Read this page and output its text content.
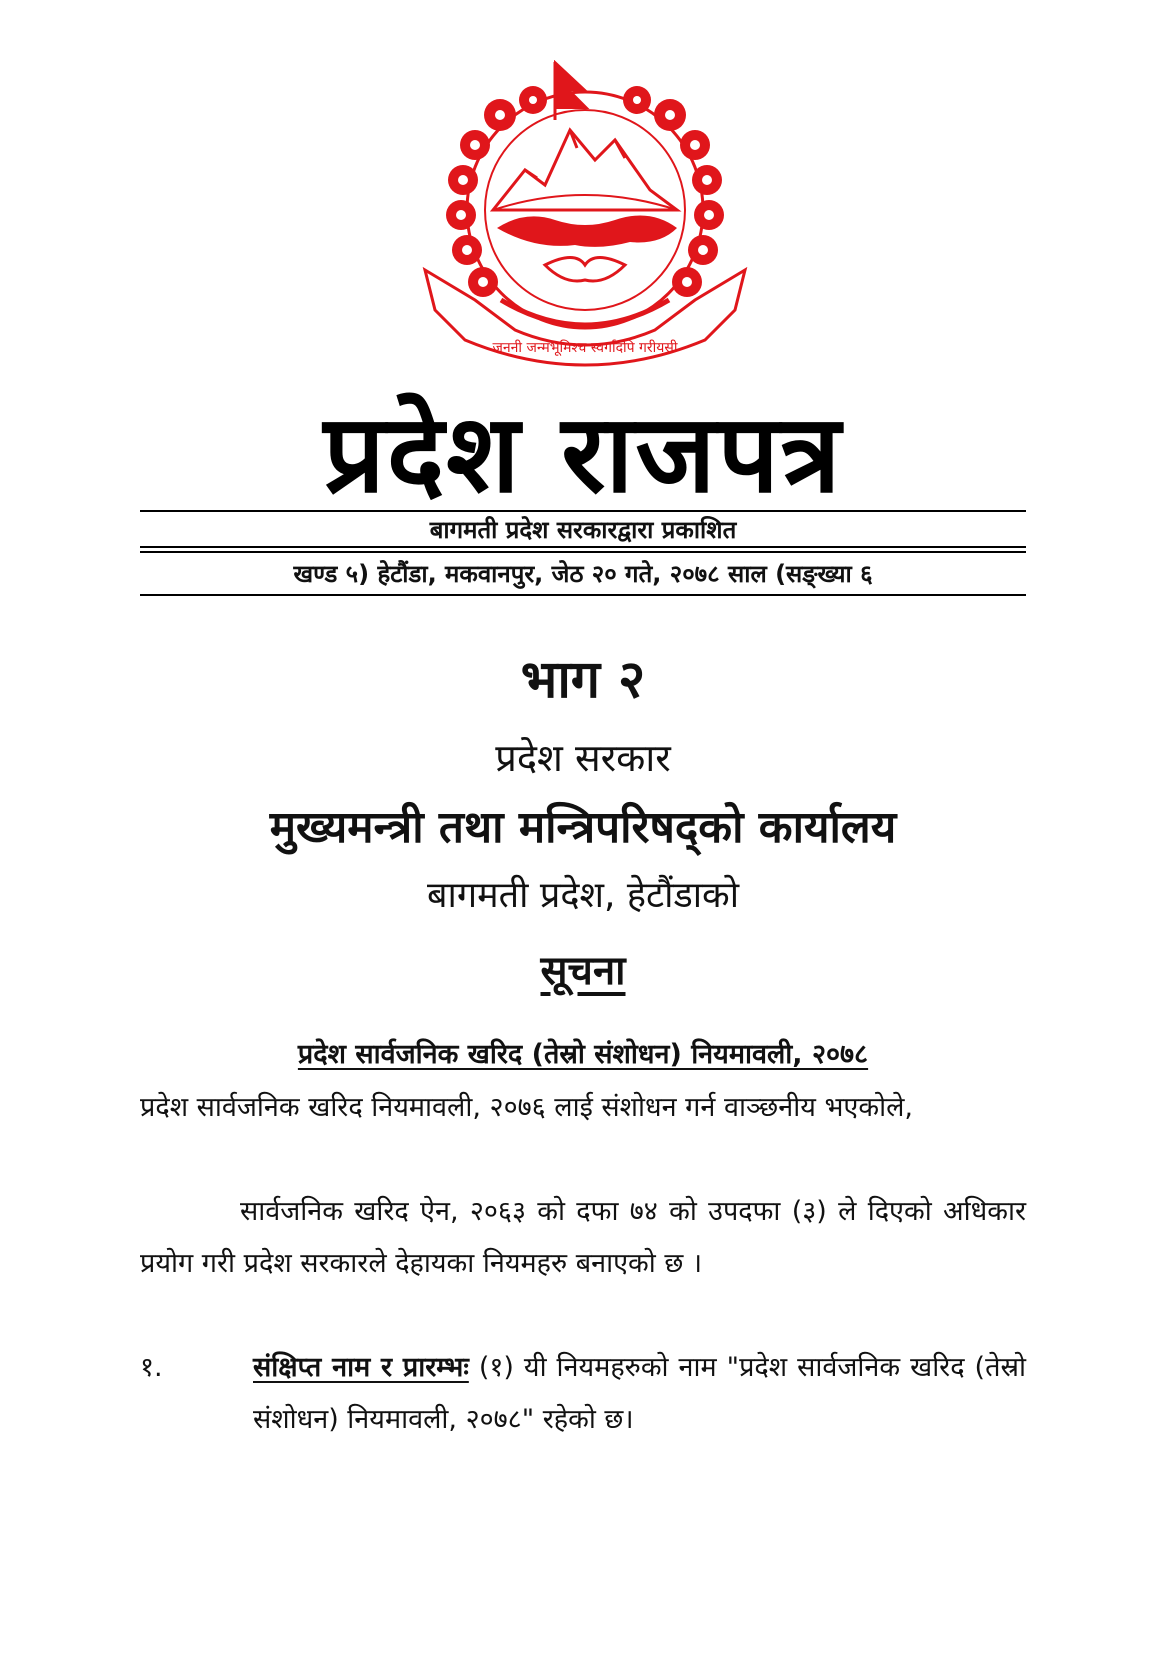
जननी जन्मभूमिश्च स्वर्गादपि गरीयसी
प्रदेश राजपत्र
बागमती प्रदेश सरकारद्वारा प्रकाशित
खण्ड ५) हेटौंडा, मकवानपुर, जेठ २० गते, २०७८ साल (सङ्ख्या ६
भाग २
प्रदेश सरकार
मुख्यमन्त्री तथा मन्त्रिपरिषद्को कार्यालय
बागमती प्रदेश, हेटौंडाको
सूचना
प्रदेश सार्वजनिक खरिद (तेस्रो संशोधन) नियमावली, २०७८

प्रदेश सार्वजनिक खरिद नियमावली, २०७६ लाई संशोधन गर्न वाञ्छनीय भएकोले,

सार्वजनिक खरिद ऐन, २०६३ को दफा ७४ को उपदफा (३) ले दिएको अधिकार प्रयोग गरी प्रदेश सरकारले देहायका नियमहरु बनाएको छ ।

१.	संक्षिप्त नाम र प्रारम्भः (१) यी नियमहरुको नाम "प्रदेश सार्वजनिक खरिद (तेस्रो संशोधन) नियमावली, २०७८" रहेको छ।
